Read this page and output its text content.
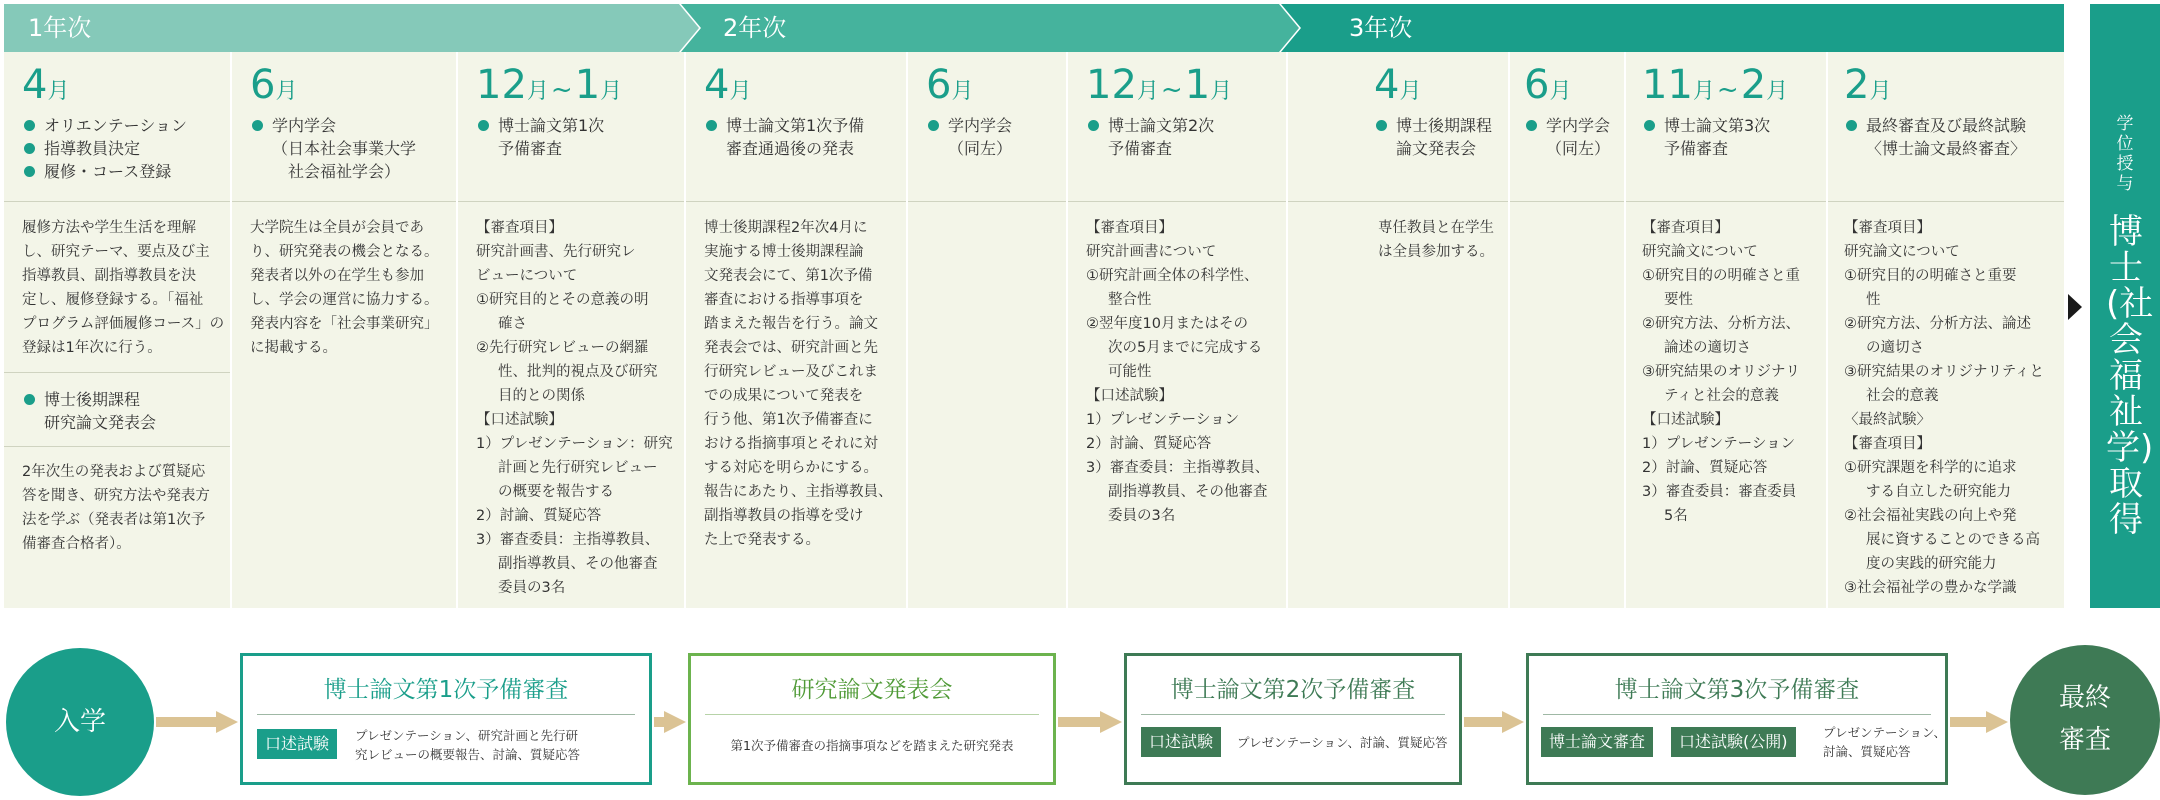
1年次	2年次	3年次
4月
オリエンテーション
指導教員決定
履修・コース登録
履修方法や学生生活を理解
し、研究テーマ、要点及び主
指導教員、副指導教員を決
定し、履修登録する。「福祉
プログラム評価履修コース」の
登録は1年次に行う。
博士後期課程
研究論文発表会
2年次生の発表および質疑応
答を聞き、研究方法や発表方
法を学ぶ（発表者は第1次予
備審査合格者）。
6月
学内学会
（日本社会事業大学
社会福祉学会）
大学院生は全員が会員であ
り、研究発表の機会となる。
発表者以外の在学生も参加
し、学会の運営に協力する。
発表内容を「社会事業研究」
に掲載する。
12月~1月
博士論文第1次
予備審査
【審査項目】
研究計画書、先行研究レ
ビューについて
①研究目的とその意義の明
確さ
②先行研究レビューの網羅
性、批判的視点及び研究
目的との関係
【口述試験】
1）プレゼンテーション：研究
計画と先行研究レビュー
の概要を報告する
2）討論、質疑応答
3）審査委員：主指導教員、
副指導教員、その他審査
委員の3名
4月
博士論文第1次予備
審査通過後の発表
博士後期課程2年次4月に
実施する博士後期課程論
文発表会にて、第1次予備
審査における指導事項を
踏まえた報告を行う。論文
発表会では、研究計画と先
行研究レビュー及びこれま
での成果について発表を
行う他、第1次予備審査に
おける指摘事項とそれに対
する対応を明らかにする。
報告にあたり、主指導教員、
副指導教員の指導を受け
た上で発表する。
6月
学内学会
（同左）
12月~1月
博士論文第2次
予備審査
【審査項目】
研究計画書について
①研究計画全体の科学性、
整合性
②翌年度10月またはその
次の5月までに完成する
可能性
【口述試験】
1）プレゼンテーション
2）討論、質疑応答
3）審査委員：主指導教員、
副指導教員、その他審査
委員の3名
4月
博士後期課程
論文発表会
専任教員と在学生
は全員参加する。
6月
学内学会
（同左）
11月~2月
博士論文第3次
予備審査
【審査項目】
研究論文について
①研究目的の明確さと重
要性
②研究方法、分析方法、
論述の適切さ
③研究結果のオリジナリ
ティと社会的意義
【口述試験】
1）プレゼンテーション
2）討論、質疑応答
3）審査委員：審査委員
5名
2月
最終審査及び最終試験
〈博士論文最終審査〉
【審査項目】
研究論文について
①研究目的の明確さと重要
性
②研究方法、分析方法、論述
の適切さ
③研究結果のオリジナリティと
社会的意義
〈最終試験〉
【審査項目】
①研究課題を科学的に追求
する自立した研究能力
②社会福祉実践の向上や発
展に資することのできる高
度の実践的研究能力
③社会福祉学の豊かな学識
学位授与
博士(社会福祉学)取得
入学
博士論文第1次予備審査
口述試験	プレゼンテーション、研究計画と先行研
究レビューの概要報告、討論、質疑応答
研究論文発表会
第1次予備審査の指摘事項などを踏まえた研究発表
博士論文第2次予備審査
口述試験	プレゼンテーション、討論、質疑応答
博士論文第3次予備審査
博士論文審査	口述試験(公開)	プレゼンテーション、
討論、質疑応答
最終
審査
